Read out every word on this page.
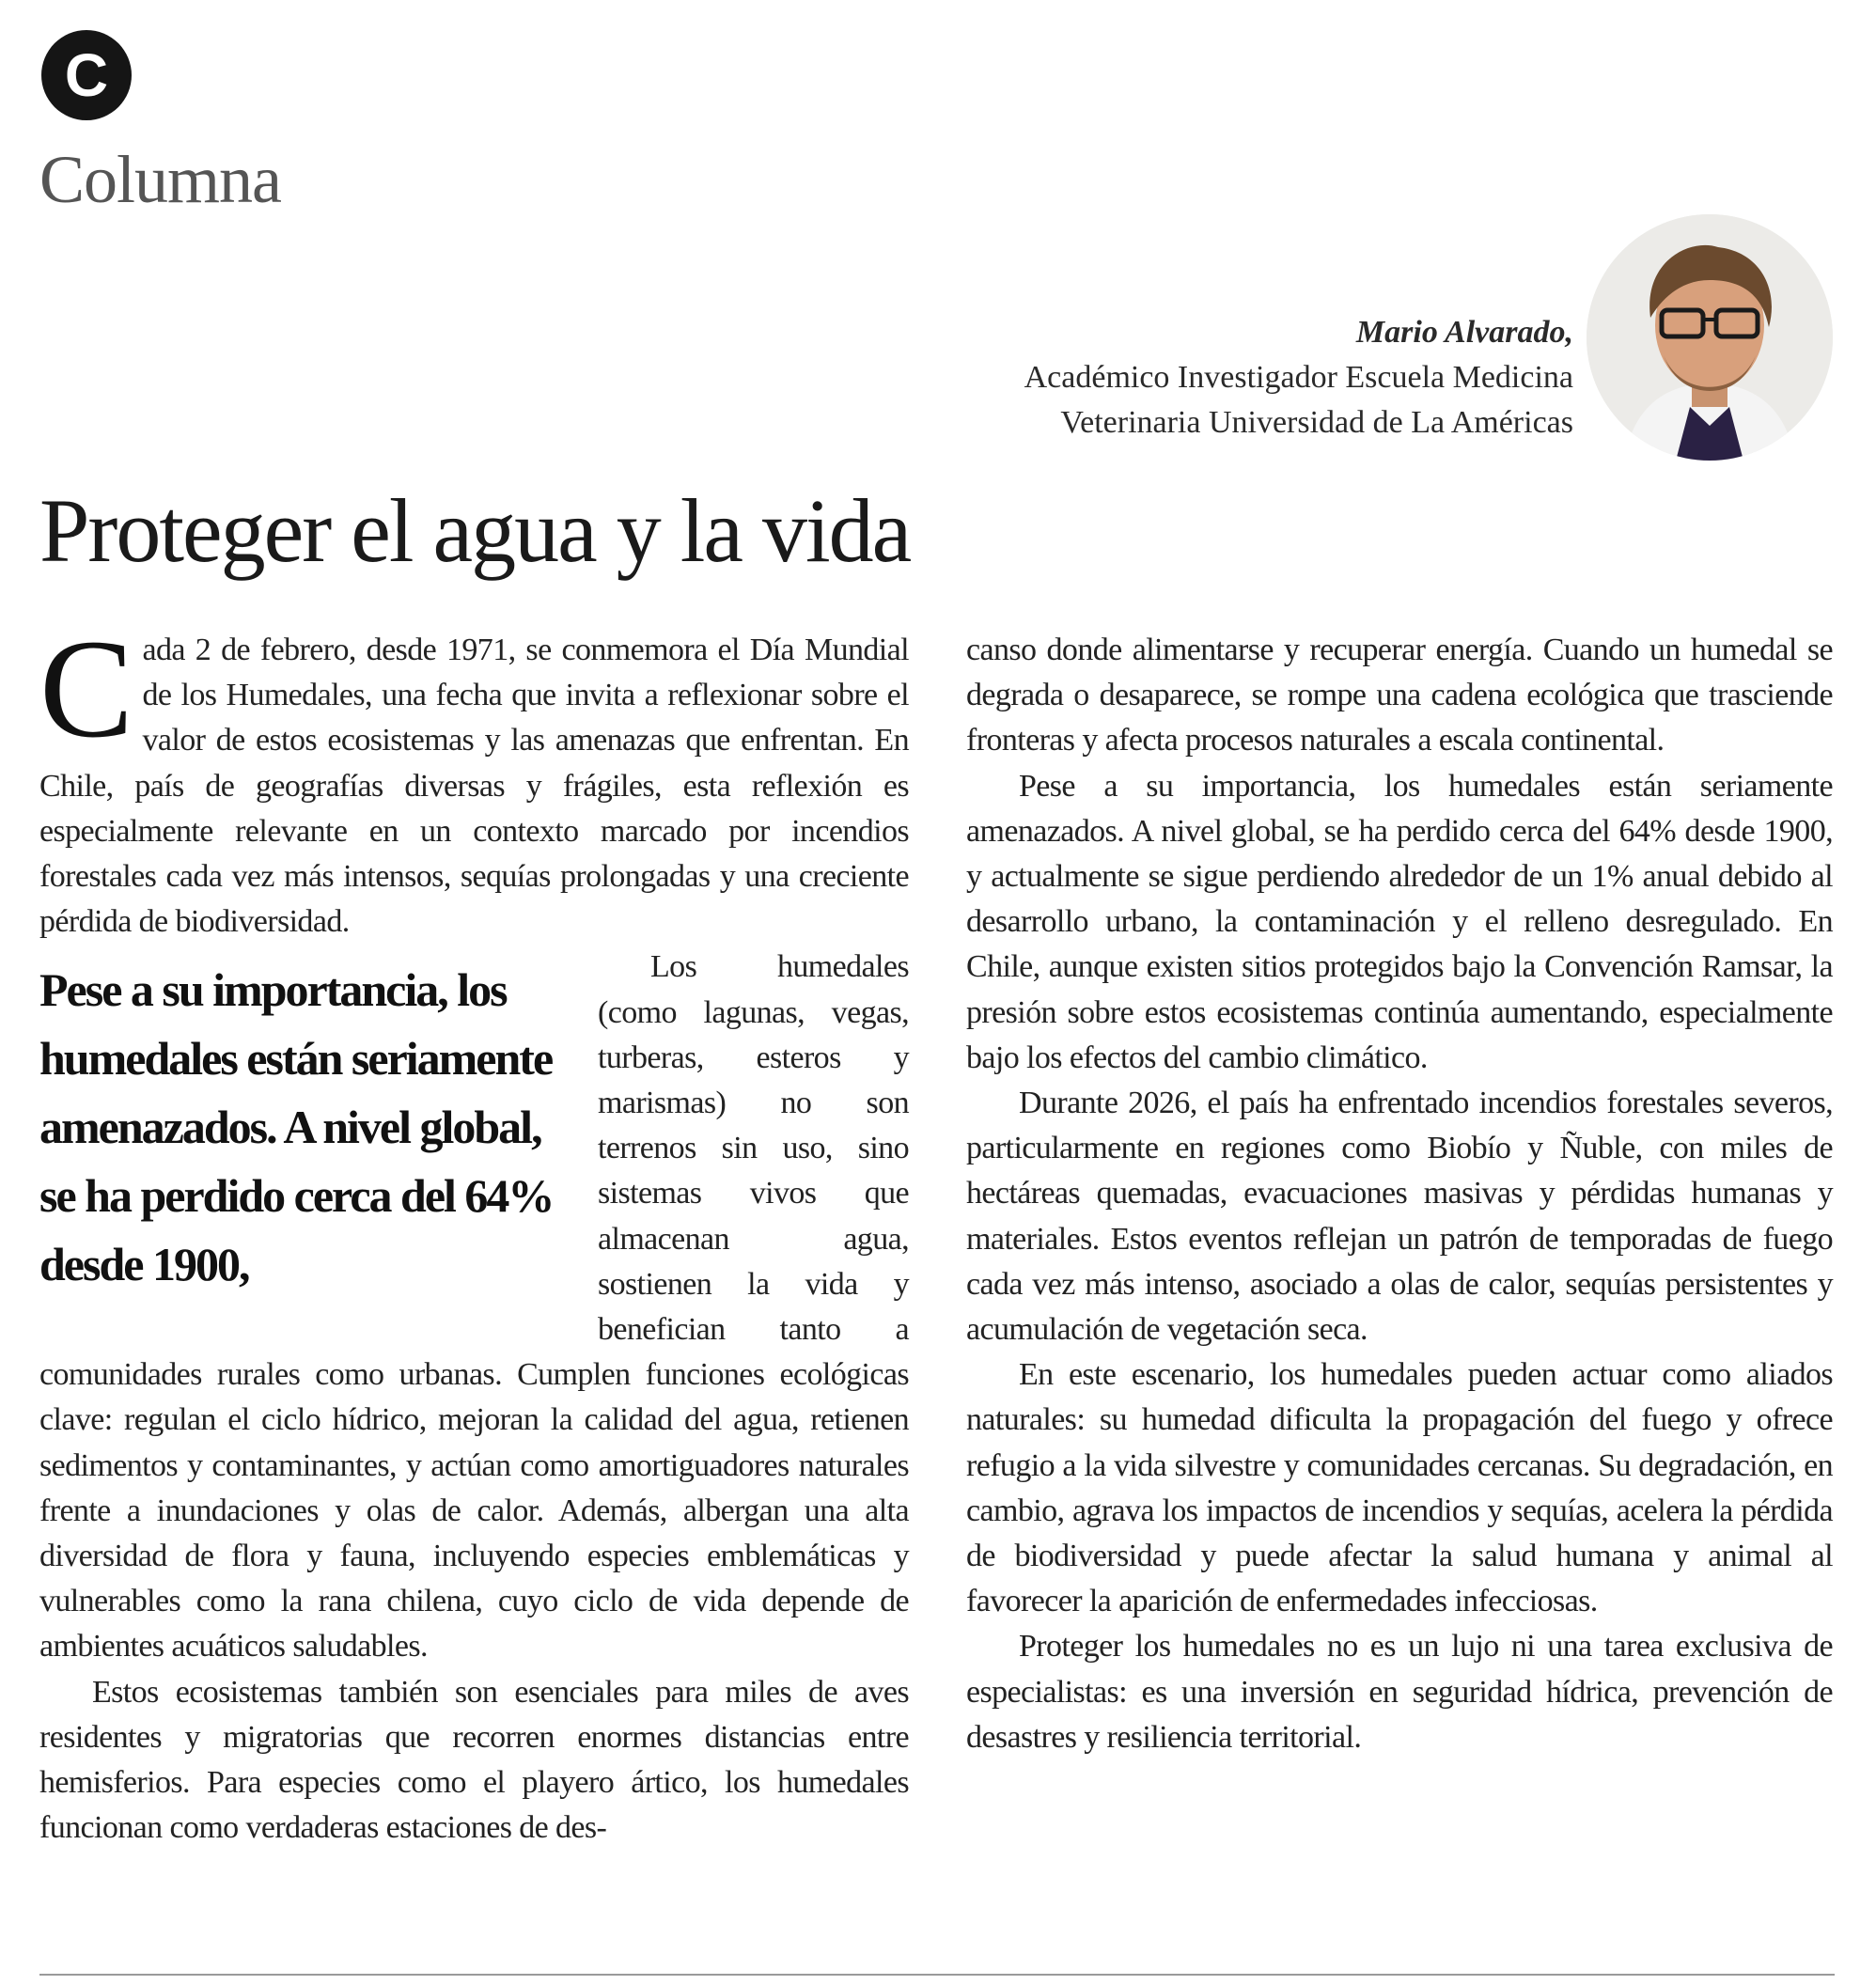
C
Columna
Mario Alvarado,
Académico Investigador Escuela Medicina
Veterinaria Universidad de La Américas
Proteger el agua y la vida

Cada 2 de febrero, desde 1971, se conmemora el Día Mundial de los Humedales, una fecha que invita a reflexionar sobre el valor de estos ecosistemas y las amenazas que enfrentan. En Chile, país de geografías diversas y frágiles, esta reflexión es especialmente relevante en un contexto marcado por incendios forestales cada vez más intensos, sequías prolongadas y una creciente pérdida de biodiversidad.

Pese a su importancia, los humedales están seriamente amenazados. A nivel global, se ha perdido cerca del 64% desde 1900,

Los humedales (como lagunas, vegas, turberas, esteros y marismas) no son terrenos sin uso, sino sistemas vivos que almacenan agua, sostienen la vida y benefician tanto a comunidades rurales como urbanas. Cumplen funciones ecológicas clave: regulan el ciclo hídrico, mejoran la calidad del agua, retienen sedimentos y contaminantes, y actúan como amortiguadores naturales frente a inundaciones y olas de calor. Además, albergan una alta diversidad de flora y fauna, incluyendo especies emblemáticas y vulnerables como la rana chilena, cuyo ciclo de vida depende de ambientes acuáticos saludables.

Estos ecosistemas también son esenciales para miles de aves residentes y migratorias que recorren enormes distancias entre hemisferios. Para especies como el playero ártico, los humedales funcionan como verdaderas estaciones de des-

canso donde alimentarse y recuperar energía. Cuando un humedal se degrada o desaparece, se rompe una cadena ecológica que trasciende fronteras y afecta procesos naturales a escala continental.

Pese a su importancia, los humedales están seriamente amenazados. A nivel global, se ha perdido cerca del 64% desde 1900, y actualmente se sigue perdiendo alrededor de un 1% anual debido al desarrollo urbano, la contaminación y el relleno desregulado. En Chile, aunque existen sitios protegidos bajo la Convención Ramsar, la presión sobre estos ecosistemas continúa aumentando, especialmente bajo los efectos del cambio climático.

Durante 2026, el país ha enfrentado incendios forestales severos, particularmente en regiones como Biobío y Ñuble, con miles de hectáreas quemadas, evacuaciones masivas y pérdidas humanas y materiales. Estos eventos reflejan un patrón de temporadas de fuego cada vez más intenso, asociado a olas de calor, sequías persistentes y acumulación de vegetación seca.

En este escenario, los humedales pueden actuar como aliados naturales: su humedad dificulta la propagación del fuego y ofrece refugio a la vida silvestre y comunidades cercanas. Su degradación, en cambio, agrava los impactos de incendios y sequías, acelera la pérdida de biodiversidad y puede afectar la salud humana y animal al favorecer la aparición de enfermedades infecciosas.

Proteger los humedales no es un lujo ni una tarea exclusiva de especialistas: es una inversión en seguridad hídrica, prevención de desastres y resiliencia territorial.
